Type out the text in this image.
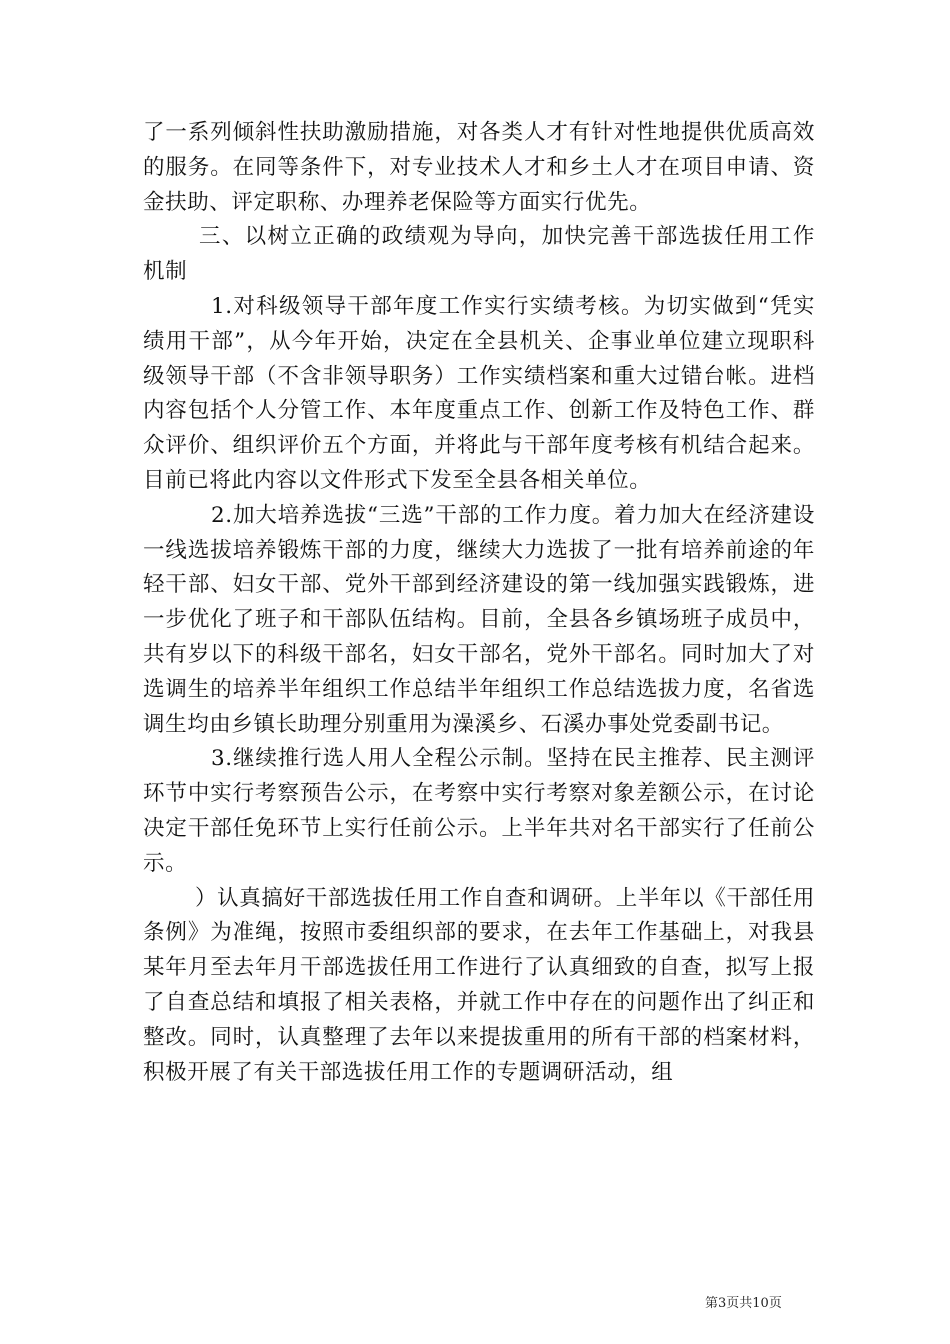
了一系列倾斜性扶助激励措施，对各类人才有针对性地提供优质高效的服务。在同等条件下，对专业技术人才和乡土人才在项目申请、资金扶助、评定职称、办理养老保险等方面实行优先。

三、以树立正确的政绩观为导向，加快完善干部选拔任用工作机制

1.对科级领导干部年度工作实行实绩考核。为切实做到“凭实绩用干部”，从今年开始，决定在全县机关、企事业单位建立现职科级领导干部（不含非领导职务）工作实绩档案和重大过错台帐。进档内容包括个人分管工作、本年度重点工作、创新工作及特色工作、群众评价、组织评价五个方面，并将此与干部年度考核有机结合起来。目前已将此内容以文件形式下发至全县各相关单位。

2.加大培养选拔“三选”干部的工作力度。着力加大在经济建设一线选拔培养锻炼干部的力度，继续大力选拔了一批有培养前途的年轻干部、妇女干部、党外干部到经济建设的第一线加强实践锻炼，进一步优化了班子和干部队伍结构。目前，全县各乡镇场班子成员中，共有岁以下的科级干部名，妇女干部名，党外干部名。同时加大了对选调生的培养半年组织工作总结半年组织工作总结选拔力度，名省选调生均由乡镇长助理分别重用为澡溪乡、石溪办事处党委副书记。

3.继续推行选人用人全程公示制。坚持在民主推荐、民主测评环节中实行考察预告公示，在考察中实行考察对象差额公示，在讨论决定干部任免环节上实行任前公示。上半年共对名干部实行了任前公示。

）认真搞好干部选拔任用工作自查和调研。上半年以《干部任用条例》为准绳，按照市委组织部的要求，在去年工作基础上，对我县某年月至去年月干部选拔任用工作进行了认真细致的自查，拟写上报了自查总结和填报了相关表格，并就工作中存在的问题作出了纠正和整改。同时，认真整理了去年以来提拔重用的所有干部的档案材料，积极开展了有关干部选拔任用工作的专题调研活动，组

第3页共10页
